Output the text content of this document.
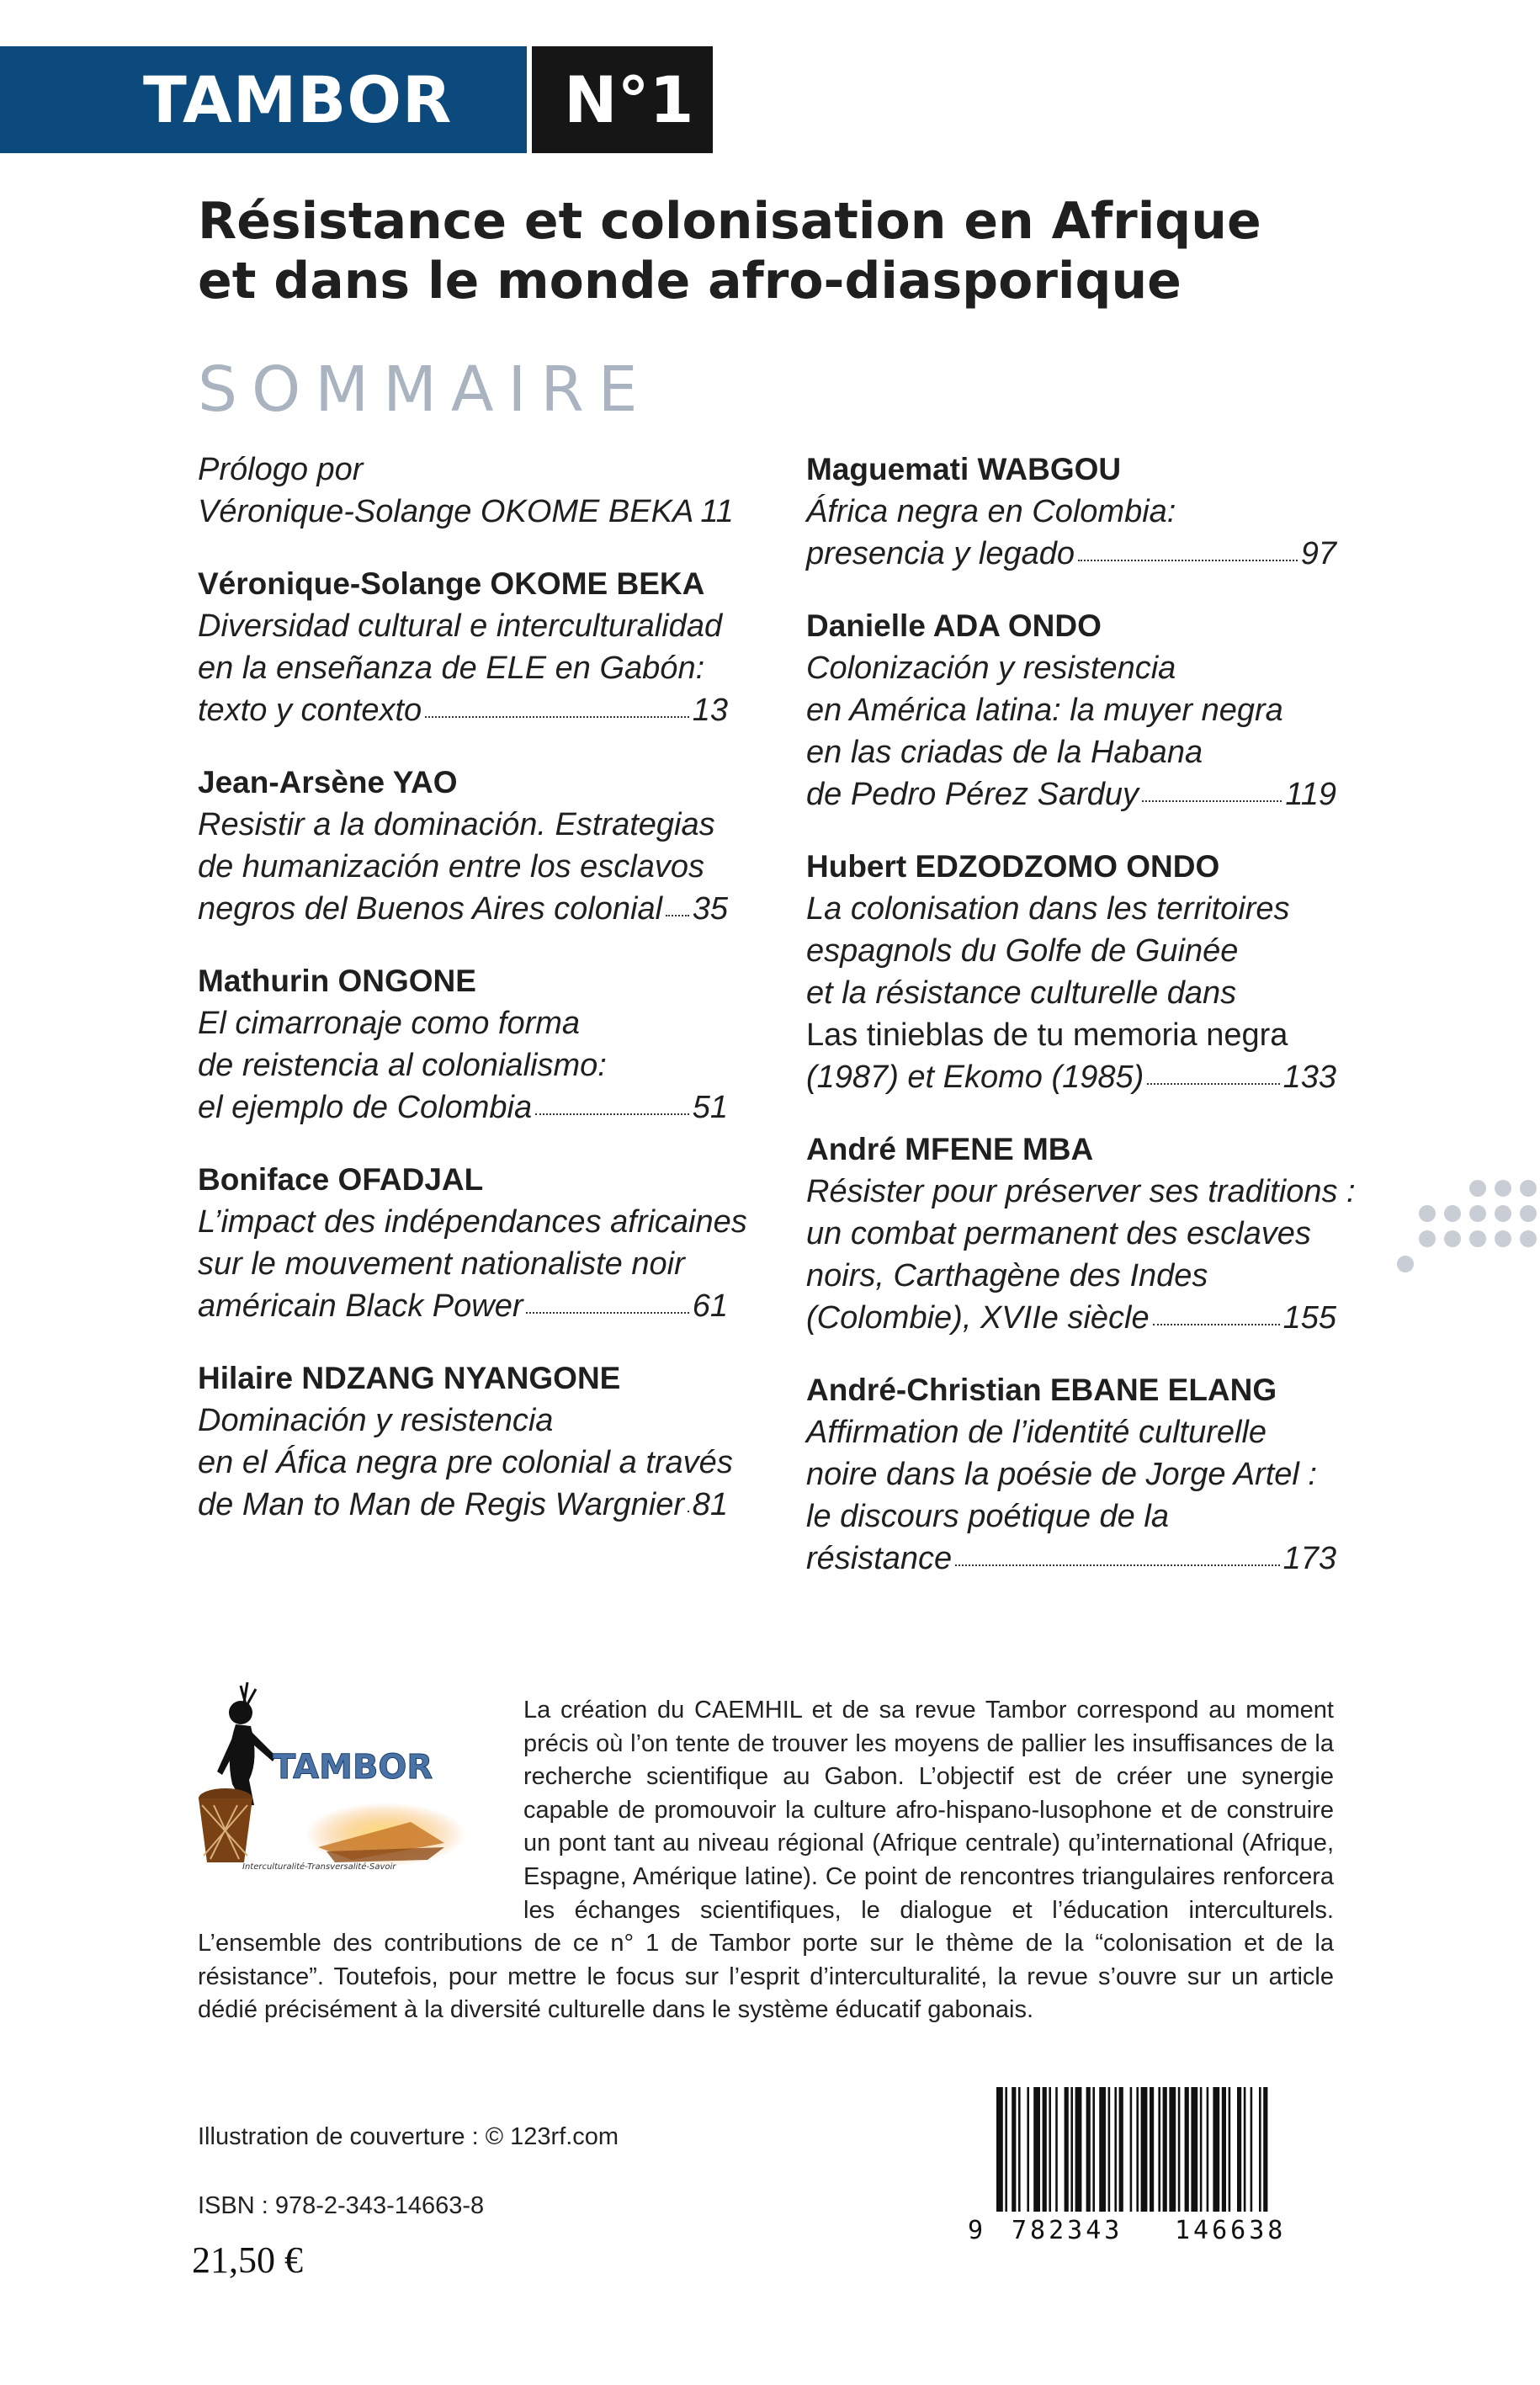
TAMBOR N°1
Résistance et colonisation en Afrique
et dans le monde afro-diasporique
SOMMAIRE
Prólogo por
Véronique-Solange OKOME BEKA 11
Véronique-Solange OKOME BEKA
Diversidad cultural e interculturalidad
en la enseñanza de ELE en Gabón:
texto y contexto	13
Jean-Arsène YAO
Resistir a la dominación. Estrategias
de humanización entre los esclavos
negros del Buenos Aires colonial 35
Mathurin ONGONE
El cimarronaje como forma
de reistencia al colonialismo:
el ejemplo de Colombia	51
Boniface OFADJAL
L’impact des indépendances africaines
sur le mouvement nationaliste noir
américain Black Power	61
Hilaire NDZANG NYANGONE
Dominación y resistencia
en el Áfica negra pre colonial a través
de Man to Man de Regis Wargnier 81
Maguemati WABGOU
África negra en Colombia:
presencia y legado	97
Danielle ADA ONDO
Colonización y resistencia
en América latina: la muyer negra
en las criadas de la Habana
de Pedro Pérez Sarduy	119
Hubert EDZODZOMO ONDO
La colonisation dans les territoires
espagnols du Golfe de Guinée
et la résistance culturelle dans
Las tinieblas de tu memoria negra
(1987) et Ekomo (1985)	133
André MFENE MBA
Résister pour préserver ses traditions :
un combat permanent des esclaves
noirs, Carthagène des Indes
(Colombie), XVIIe siècle	155
André-Christian EBANE ELANG
Affirmation de l’identité culturelle
noire dans la poésie de Jorge Artel :
le discours poétique de la
résistance	173
TAMBOR
Interculturalité-Transversalité-Savoir
La création du CAEMHIL et de sa revue Tambor correspond au moment précis où l’on tente de trouver les moyens de pallier les insuffisances de la recherche scientifique au Gabon. L’objectif est de créer une synergie capable de promouvoir la culture afro-hispano-lusophone et de construire un pont tant au niveau régional (Afrique centrale) qu’international (Afrique, Espagne, Amérique latine). Ce point de rencontres triangulaires renforcera les échanges scientifiques, le dialogue et l’éducation interculturels. L’ensemble des contributions de ce n° 1 de Tambor porte sur le thème de la “colonisation et de la résistance”. Toutefois, pour mettre le focus sur l’esprit d’interculturalité, la revue s’ouvre sur un article dédié précisément à la diversité culturelle dans le système éducatif gabonais.
Illustration de couverture : © 123rf.com
ISBN : 978-2-343-14663-8
21,50 €
9 782343 146638
